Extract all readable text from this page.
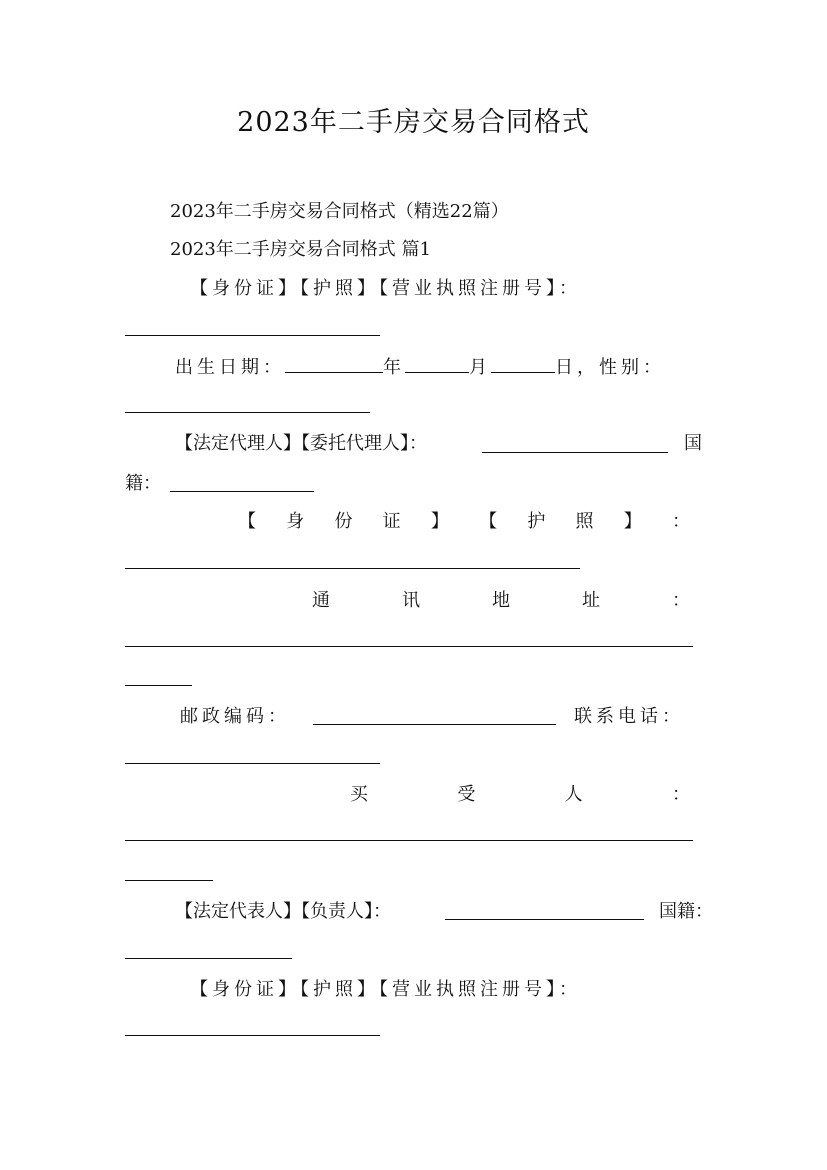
2023年二手房交易合同格式
2023年二手房交易合同格式（精选22篇）
2023年二手房交易合同格式 篇1
【身份证】【护照】【营业执照注册号】：
出生日期：	年	月	日，性别：
【法定代理人】【委托代理人】：	国
籍：
【 身 份 证 】 【 护 照 】 ：
通	讯	地	址	：
邮政编码：	联系电话：
买	受	人	：
【法定代表人】【负责人】：	国籍：
【身份证】【护照】【营业执照注册号】：
